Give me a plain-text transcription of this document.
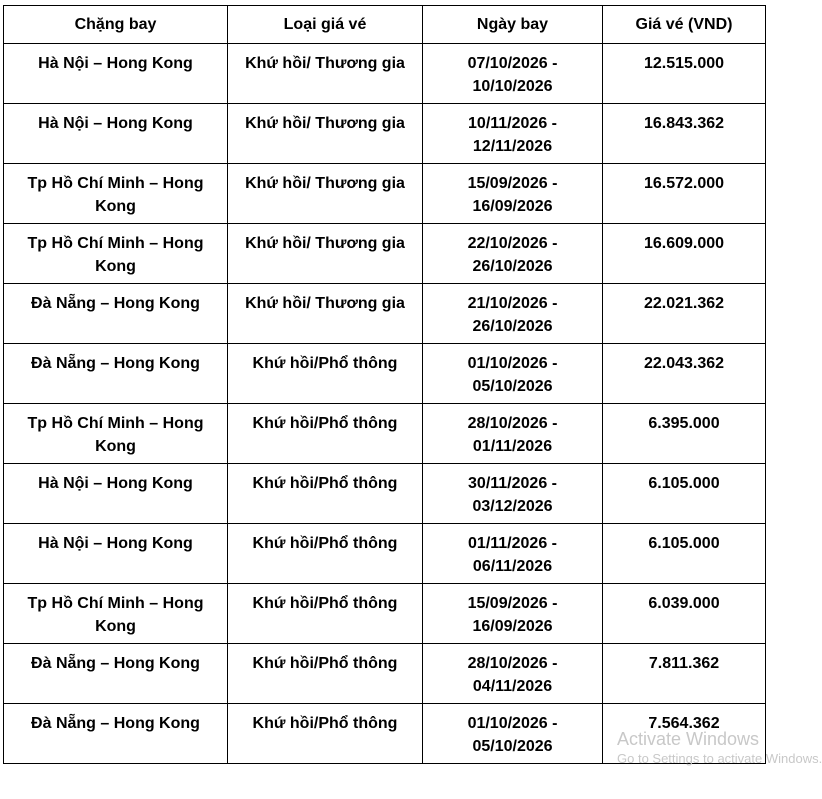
Chặng bay	Loại giá vé	Ngày bay	Giá vé (VND)
Hà Nội – Hong Kong	Khứ hồi/ Thương gia	07/10/2026 - 10/10/2026	12.515.000
Hà Nội – Hong Kong	Khứ hồi/ Thương gia	10/11/2026 - 12/11/2026	16.843.362
Tp Hồ Chí Minh – Hong Kong	Khứ hồi/ Thương gia	15/09/2026 - 16/09/2026	16.572.000
Tp Hồ Chí Minh – Hong Kong	Khứ hồi/ Thương gia	22/10/2026 - 26/10/2026	16.609.000
Đà Nẵng – Hong Kong	Khứ hồi/ Thương gia	21/10/2026 - 26/10/2026	22.021.362
Đà Nẵng – Hong Kong	Khứ hồi/Phổ thông	01/10/2026 - 05/10/2026	22.043.362
Tp Hồ Chí Minh – Hong Kong	Khứ hồi/Phổ thông	28/10/2026 - 01/11/2026	6.395.000
Hà Nội – Hong Kong	Khứ hồi/Phổ thông	30/11/2026 - 03/12/2026	6.105.000
Hà Nội – Hong Kong	Khứ hồi/Phổ thông	01/11/2026 - 06/11/2026	6.105.000
Tp Hồ Chí Minh – Hong Kong	Khứ hồi/Phổ thông	15/09/2026 - 16/09/2026	6.039.000
Đà Nẵng – Hong Kong	Khứ hồi/Phổ thông	28/10/2026 - 04/11/2026	7.811.362
Đà Nẵng – Hong Kong	Khứ hồi/Phổ thông	01/10/2026 - 05/10/2026	7.564.362
Activate Windows
Go to Settings to activate Windows.
